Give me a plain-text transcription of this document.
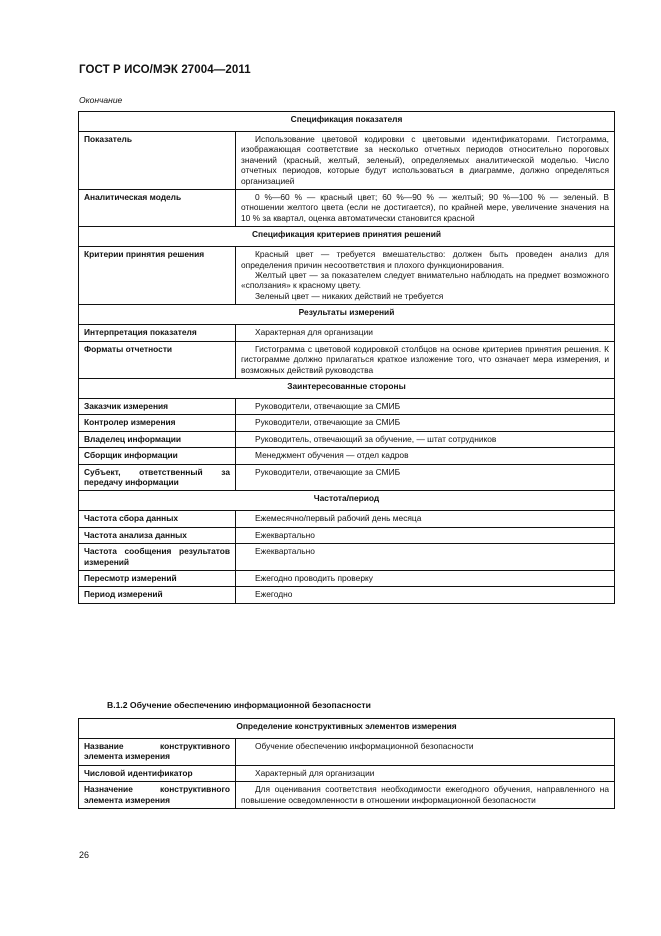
ГОСТ Р ИСО/МЭК 27004—2011
Окончание
Спецификация показателя	
Показатель	Использование цветовой кодировки с цветовыми идентификаторами. Гистограмма, изображающая соответствие за несколько отчетных периодов относительно пороговых значений (красный, желтый, зеленый), определяемых аналитической моделью. Число отчетных периодов, которые будут использоваться в диаграмме, должно определяться организацией

Аналитическая модель	0 %—60 % — красный цвет; 60 %—90 % — желтый; 90 %—100 % — зеленый. В отношении желтого цвета (если не достигается), по крайней мере, увеличение значения на 10 % за квартал, оценка автоматически становится красной

Спецификация критериев принятия решений	
Критерии принятия решения	Красный цвет — требуется вмешательство: должен быть проведен анализ для определения причин несоответствия и плохого функционирования.

Желтый цвет — за показателем следует внимательно наблюдать на предмет возможного «сползания» к красному цвету.

Зеленый цвет — никаких действий не требуется

Результаты измерений	
Интерпретация показателя	Характерная для организации

Форматы отчетности	Гистограмма с цветовой кодировкой столбцов на основе критериев принятия решения. К гистограмме должно прилагаться краткое изложение того, что означает мера измерения, и возможных действий руководства

Заинтересованные стороны	
Заказчик измерения	Руководители, отвечающие за СМИБ

Контролер измерения	Руководители, отвечающие за СМИБ

Владелец информации	Руководитель, отвечающий за обучение, — штат сотрудников

Сборщик информации	Менеджмент обучения — отдел кадров

Субъект, ответственный за передачу информации	Руководители, отвечающие за СМИБ

Частота/период	
Частота сбора данных	Ежемесячно/первый рабочий день месяца

Частота анализа данных	Ежеквартально

Частота сообщения результатов измерений	Ежеквартально

Пересмотр измерений	Ежегодно проводить проверку

Период измерений	Ежегодно

B.1.2 Обучение обеспечению информационной безопасности
Определение конструктивных элементов измерения	
Название конструктивного элемента измерения	Обучение обеспечению информационной безопасности

Числовой идентификатор	Характерный для организации

Назначение конструктивного элемента измерения	Для оценивания соответствия необходимости ежегодного обучения, направленного на повышение осведомленности в отношении информационной безопасности

26
